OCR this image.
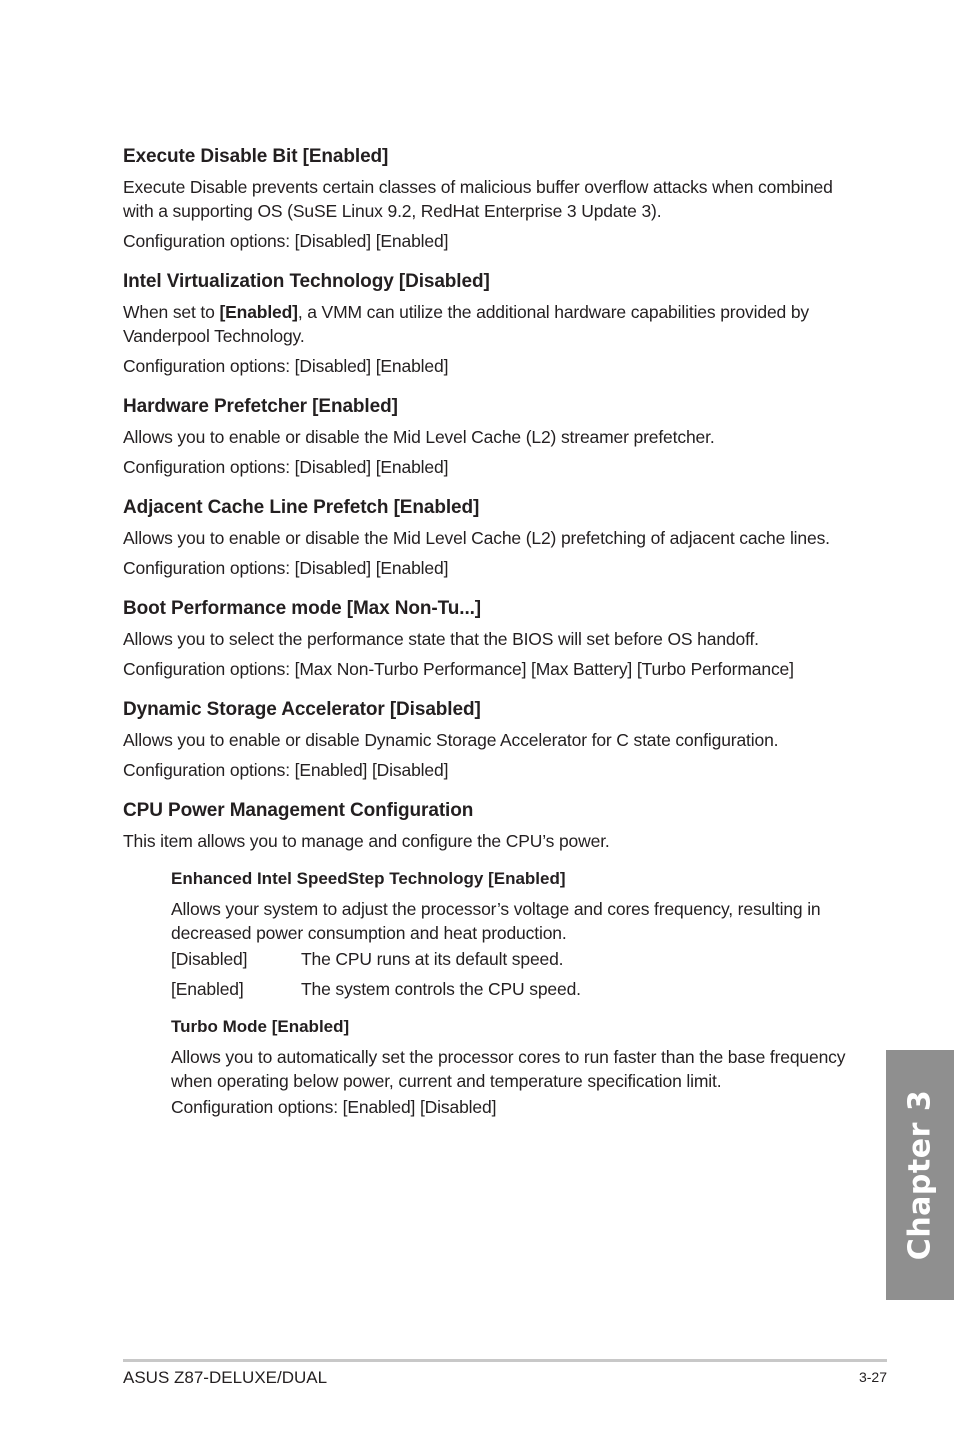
Execute Disable Bit [Enabled]
Execute Disable prevents certain classes of malicious buffer overflow attacks when combined with a supporting OS (SuSE Linux 9.2, RedHat Enterprise 3 Update 3).
Configuration options: [Disabled] [Enabled]
Intel Virtualization Technology [Disabled]
When set to [Enabled], a VMM can utilize the additional hardware capabilities provided by Vanderpool Technology.
Configuration options: [Disabled] [Enabled]
Hardware Prefetcher [Enabled]
Allows you to enable or disable the Mid Level Cache (L2) streamer prefetcher.
Configuration options: [Disabled] [Enabled]
Adjacent Cache Line Prefetch [Enabled]
Allows you to enable or disable the Mid Level Cache (L2) prefetching of adjacent cache lines.
Configuration options: [Disabled] [Enabled]
Boot Performance mode [Max Non-Tu...]
Allows you to select the performance state that the BIOS will set before OS handoff.
Configuration options: [Max Non-Turbo Performance] [Max Battery] [Turbo Performance]
Dynamic Storage Accelerator [Disabled]
Allows you to enable or disable Dynamic Storage Accelerator for C state configuration.
Configuration options: [Enabled] [Disabled]
CPU Power Management Configuration
This item allows you to manage and configure the CPU’s power.
Enhanced Intel SpeedStep Technology [Enabled]
Allows your system to adjust the processor’s voltage and cores frequency, resulting in decreased power consumption and heat production.
[Disabled]	The CPU runs at its default speed.
[Enabled]	The system controls the CPU speed.
Turbo Mode [Enabled]
Allows you to automatically set the processor cores to run faster than the base frequency when operating below power, current and temperature specification limit.
Configuration options: [Enabled] [Disabled]	Chapter 3
ASUS Z87-DELUXE/DUAL	3-27
